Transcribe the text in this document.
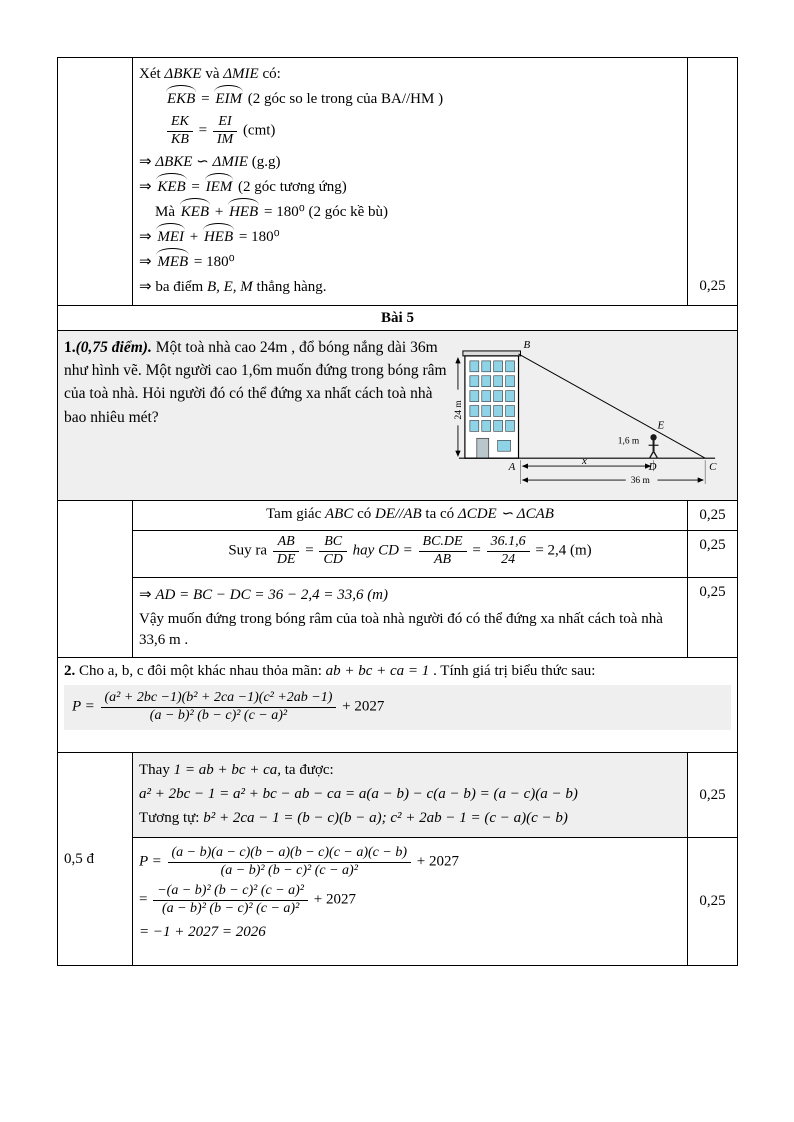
Xét ΔBKE và ΔMIE có:
EKB = EIM (2 góc so le trong của BA//HM )
$\frac{EK}{KB} = \frac{EI}{IM} (cmt)$
⇒ ΔBKE ∽ ΔMIE (g.g)
⇒ KEB = IEM (2 góc tương ứng)
Mà KEB + HEB = 180⁰ (2 góc kề bù)
⇒ MEI + HEB = 180⁰
⇒ MEB = 180⁰
⇒ ba điểm B, E, M thẳng hàng.	0,25
Bài 5		

1.(0,75 điểm). Một toà nhà cao 24m , đổ bóng nắng dài 36m như hình vẽ. Một người cao 1,6m muốn đứng trong bóng râm của toà nhà. Hỏi người đó có thể đứng xa nhất cách toà nhà bao nhiêu mét?
B
E
A	D	C
x
1,6 m
36 m
24 m

	Tam giác ABC có DE//AB ta có ΔCDE ∽ ΔCAB	0,25
Suy ra $\frac{AB}{DE} = \frac{BC}{CD}$ hay CD = $\frac{BC.DE}{AB} = \frac{36.1,6}{24} = 2,4$ (m)	0,25

	⇒ AD = BC − DC = 36 − 2,4 = 33,6 (m)
Vậy muốn đứng trong bóng râm của toà nhà người đó có thể đứng xa nhất cách toà nhà 33,6 m .	0,25

2. Cho a, b, c đôi một khác nhau thỏa mãn: ab + bc + ca = 1 . Tính giá trị biểu thức sau:
$P = \frac{\text{(a² + 2bc −1)(b² + 2ca −1)(c² +2ab −1)}}{\text{(a − b)² (b − c)² (c − a)²}} + 2027$		

0,5 đ	Thay 1 = ab + bc + ca, ta được:
a² + 2bc − 1 = a² + bc − ab − ca = a(a − b) − c(a − b) = (a − c)(a − b)
Tương tự: b² + 2ca − 1 = (b − c)(b − a); c² + 2ab − 1 = (c − a)(c − b)	0,25

$P = \frac{(a - b)(a - c)(b - a)(b - c)(c - a)(c - b)}{\text{(a − b)² (b − c)² (c − a)²}} + 2027$
= $\frac{\text{−(a − b)² (b − c)² (c − a)²}}{\text{(a − b)² (b − c)² (c − a)²}} + 2027$
= −1 + 2027 = 2026
	0,25
